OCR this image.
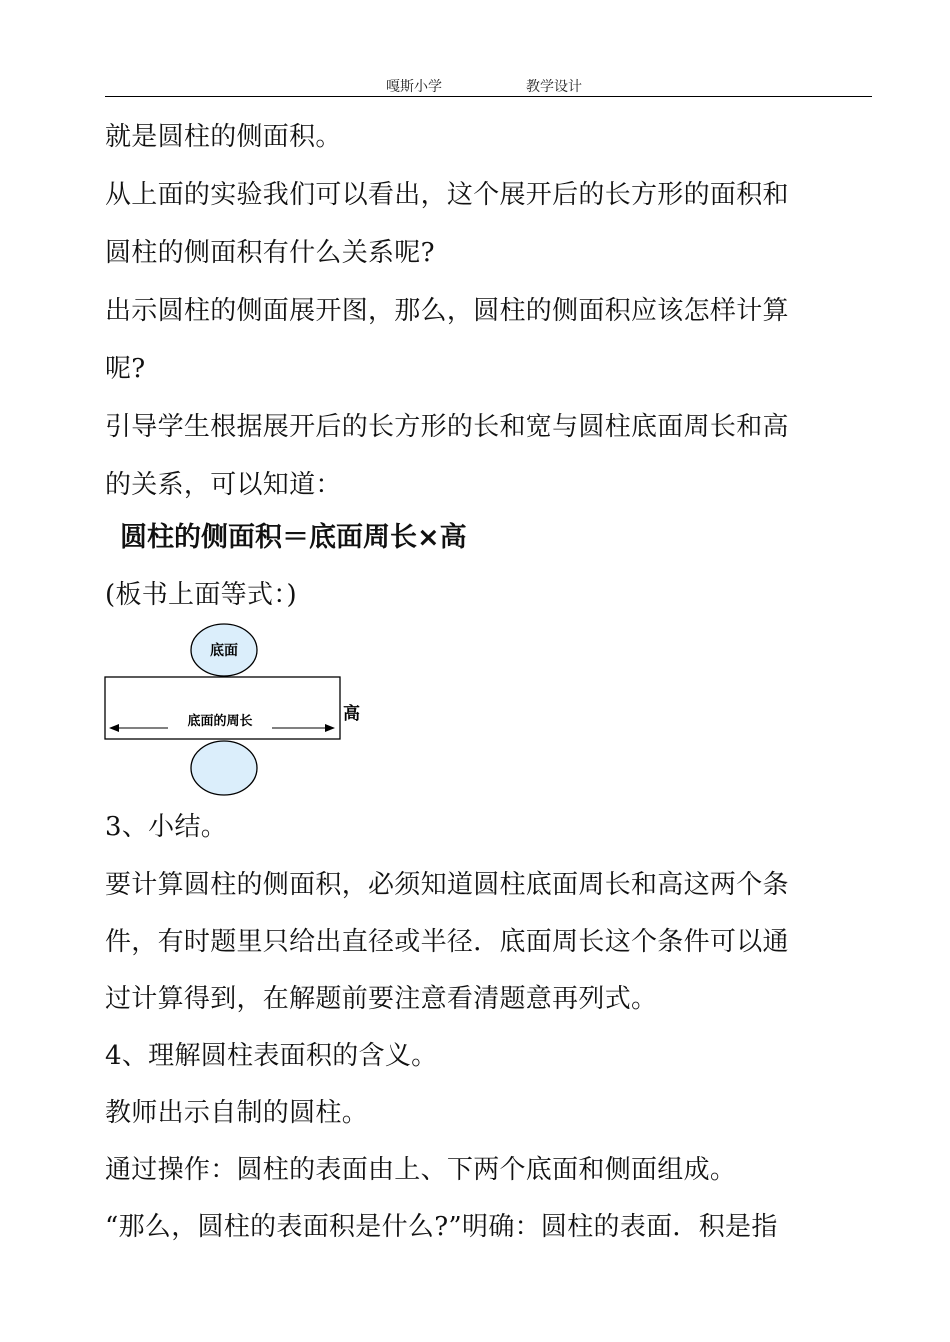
嘎斯小学	教学设计
就是圆柱的侧面积。
从上面的实验我们可以看出，这个展开后的长方形的面积和
圆柱的侧面积有什么关系呢?
出示圆柱的侧面展开图，那么，圆柱的侧面积应该怎样计算
呢?
引导学生根据展开后的长方形的长和宽与圆柱底面周长和高
的关系，可以知道：
圆柱的侧面积＝底面周长×高
(板书上面等式：)
底面
底面的周长	高
3、小结。
要计算圆柱的侧面积，必须知道圆柱底面周长和高这两个条
件，有时题里只给出直径或半径．底面周长这个条件可以通
过计算得到，在解题前要注意看清题意再列式。
4、理解圆柱表面积的含义。
教师出示自制的圆柱。
通过操作：圆柱的表面由上、下两个底面和侧面组成。
“那么，圆柱的表面积是什么?”明确：圆柱的表面．积是指
